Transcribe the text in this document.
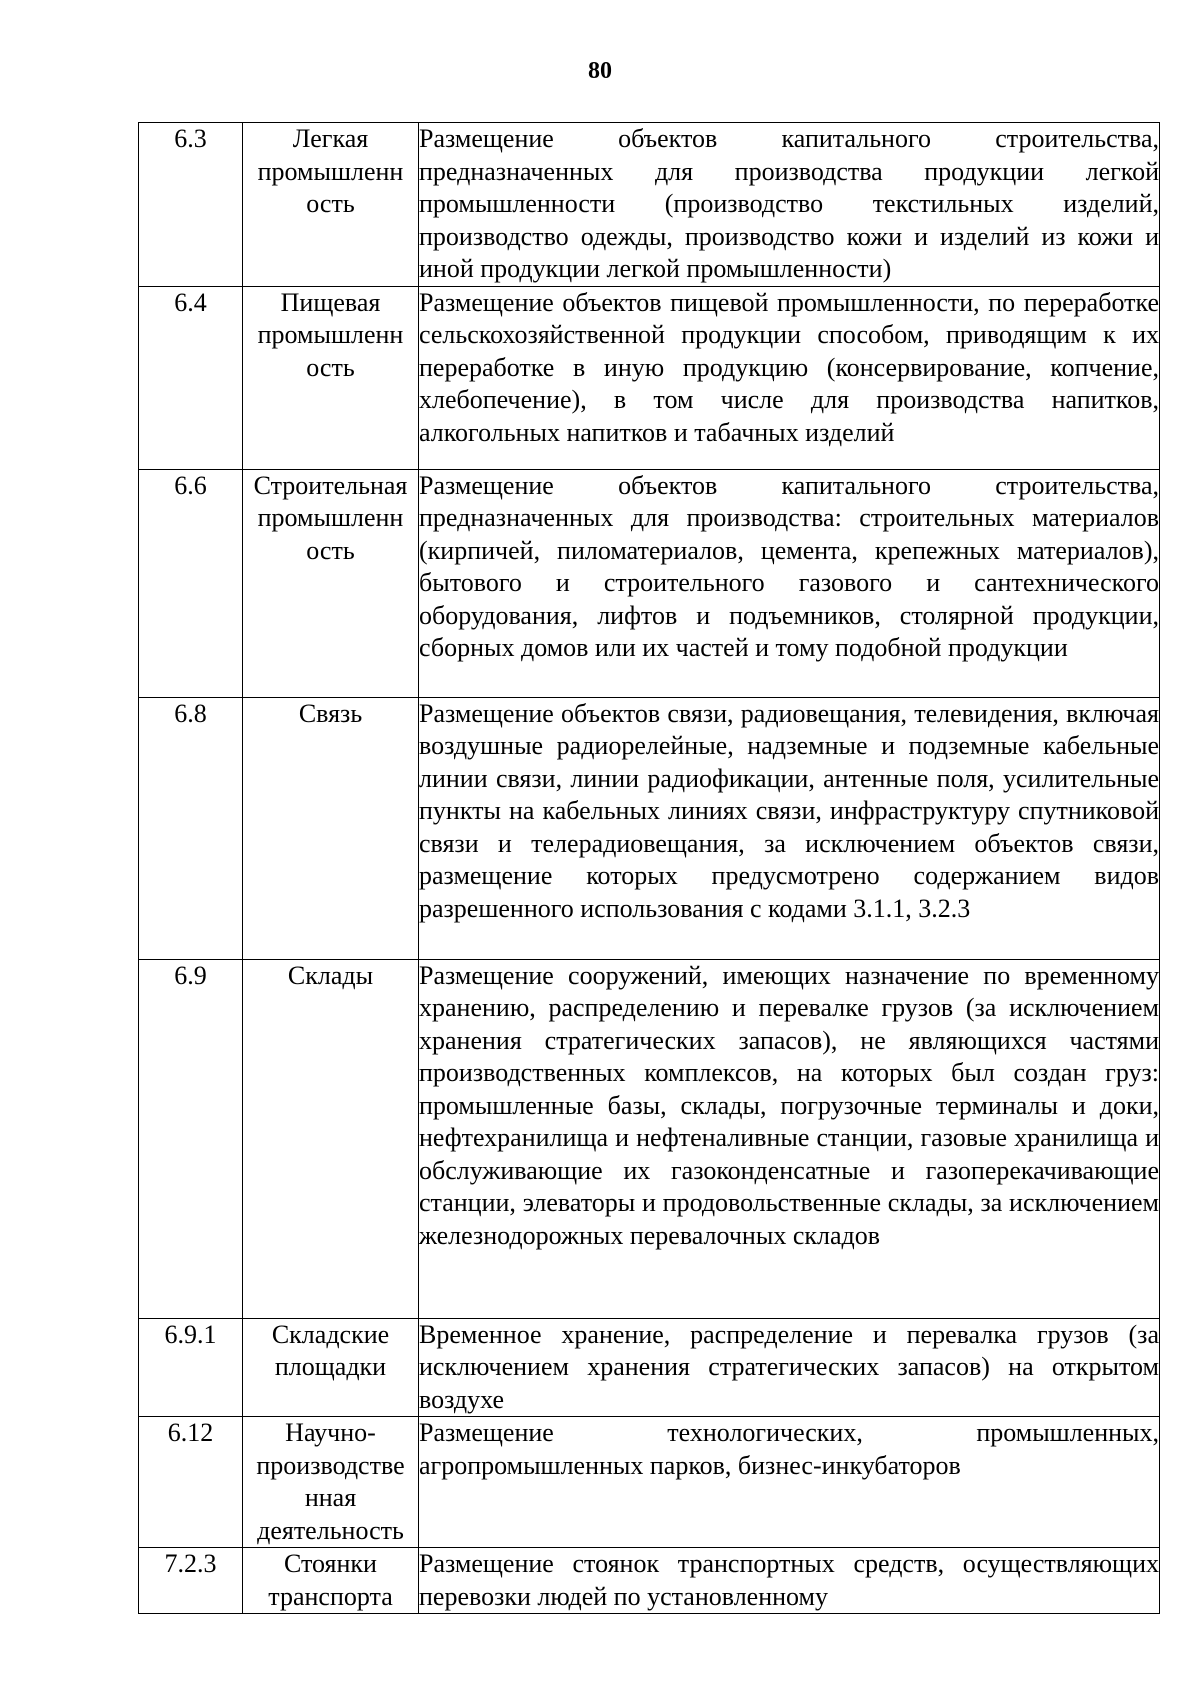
80
6.3	Легкая промышленн ость	Размещение объектов капитального строительства, предназначенных для производства продукции легкой промышленности (производство текстильных изделий, производство одежды, производство кожи и изделий из кожи и иной продукции легкой промышленности)
6.4	Пищевая промышленн ость	Размещение объектов пищевой промышленности, по переработке сельскохозяйственной продукции способом, приводящим к их переработке в иную продукцию (консервирование, копчение, хлебопечение), в том числе для производства напитков, алкогольных напитков и табачных изделий
6.6	Строительная промышленн ость	Размещение объектов капитального строительства, предназначенных для производства: строительных материалов (кирпичей, пиломатериалов, цемента, крепежных материалов), бытового и строительного газового и сантехнического оборудования, лифтов и подъемников, столярной продукции, сборных домов или их частей и тому подобной продукции
6.8	Связь	Размещение объектов связи, радиовещания, телевидения, включая воздушные радиорелейные, надземные и подземные кабельные линии связи, линии радиофикации, антенные поля, усилительные пункты на кабельных линиях связи, инфраструктуру спутниковой связи и телерадиовещания, за исключением объектов связи, размещение которых предусмотрено содержанием видов разрешенного использования с кодами 3.1.1, 3.2.3
6.9	Склады	Размещение сооружений, имеющих назначение по временному хранению, распределению и перевалке грузов (за исключением хранения стратегических запасов), не являющихся частями производственных комплексов, на которых был создан груз: промышленные базы, склады, погрузочные терминалы и доки, нефтехранилища и нефтеналивные станции, газовые хранилища и обслуживающие их газоконденсатные и газоперекачивающие станции, элеваторы и продовольственные склады, за исключением железнодорожных перевалочных складов
6.9.1	Складские площадки	Временное хранение, распределение и перевалка грузов (за исключением хранения стратегических запасов) на открытом воздухе
6.12	Научно-производстве нная деятельность	Размещение технологических, промышленных, агропромышленных парков, бизнес-инкубаторов
7.2.3	Стоянки транспорта	Размещение стоянок транспортных средств, осуществляющих перевозки людей по установленному
